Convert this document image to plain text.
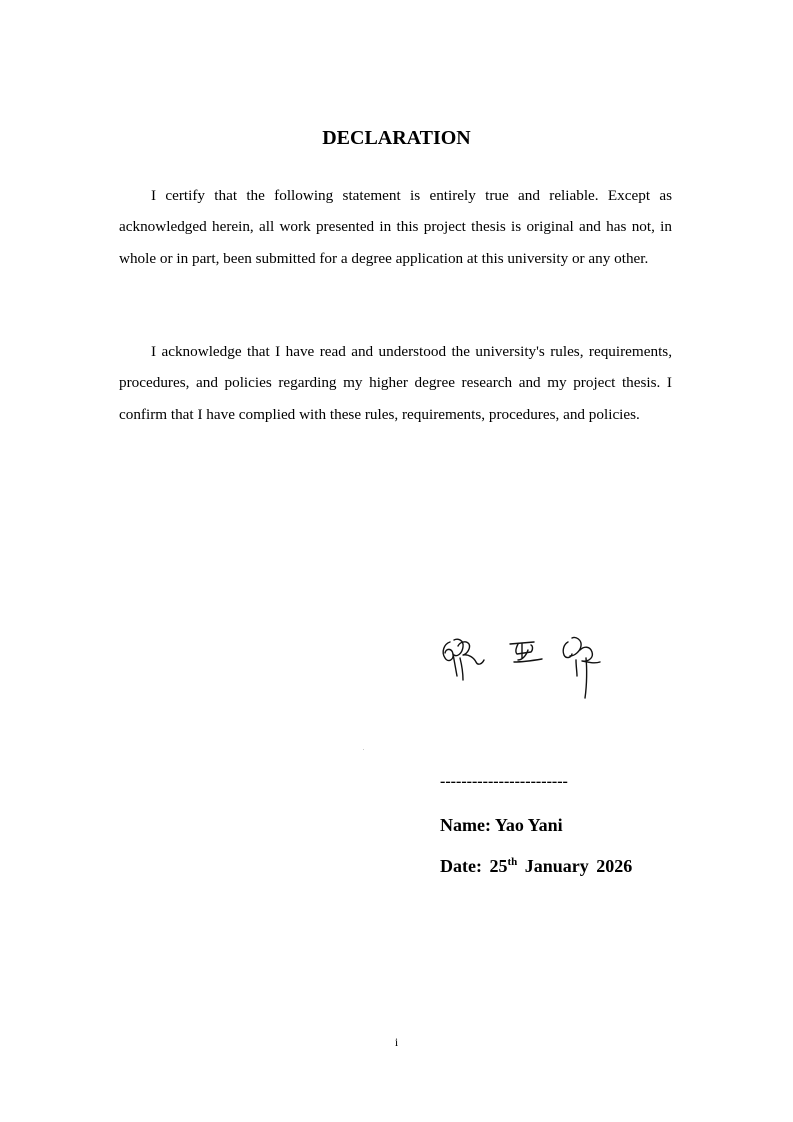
DECLARATION

I certify that the following statement is entirely true and reliable. Except as acknowledged herein, all work presented in this project thesis is original and has not, in whole or in part, been submitted for a degree application at this university or any other.

I acknowledge that I have read and understood the university's rules, requirements, procedures, and policies regarding my higher degree research and my project thesis. I confirm that I have complied with these rules, requirements, procedures, and policies.

------------------------
Name: Yao Yani
Date: 25th January 2026
i
